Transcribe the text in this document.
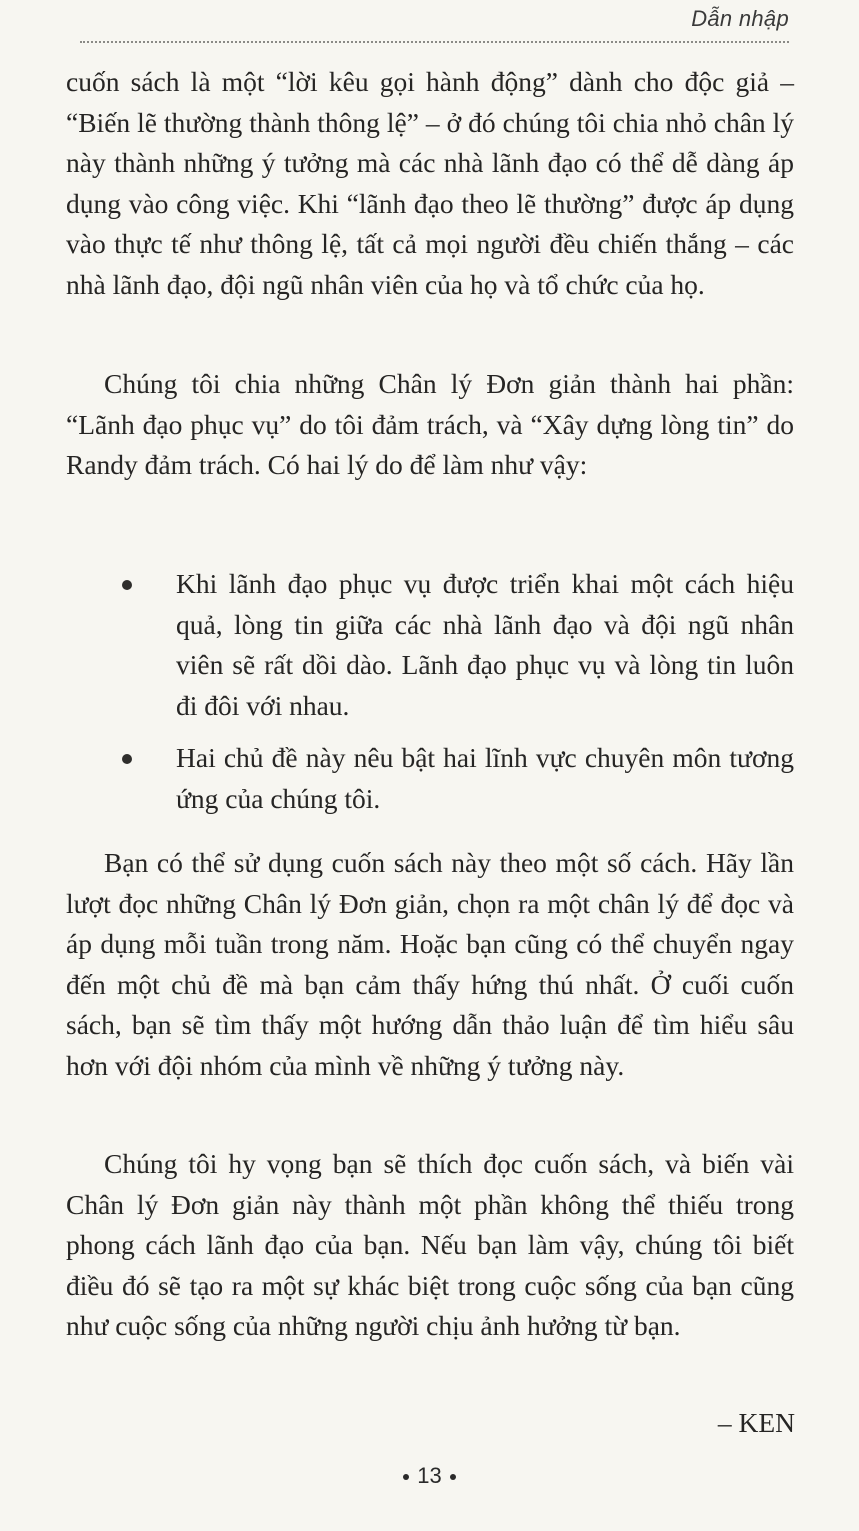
Dẫn nhập

cuốn sách là một “lời kêu gọi hành động” dành cho độc giả – “Biến lẽ thường thành thông lệ” – ở đó chúng tôi chia nhỏ chân lý này thành những ý tưởng mà các nhà lãnh đạo có thể dễ dàng áp dụng vào công việc. Khi “lãnh đạo theo lẽ thường” được áp dụng vào thực tế như thông lệ, tất cả mọi người đều chiến thắng – các nhà lãnh đạo, đội ngũ nhân viên của họ và tổ chức của họ.

Chúng tôi chia những Chân lý Đơn giản thành hai phần: “Lãnh đạo phục vụ” do tôi đảm trách, và “Xây dựng lòng tin” do Randy đảm trách. Có hai lý do để làm như vậy:

Khi lãnh đạo phục vụ được triển khai một cách hiệu quả, lòng tin giữa các nhà lãnh đạo và đội ngũ nhân viên sẽ rất dồi dào. Lãnh đạo phục vụ và lòng tin luôn đi đôi với nhau.
Hai chủ đề này nêu bật hai lĩnh vực chuyên môn tương ứng của chúng tôi.

Bạn có thể sử dụng cuốn sách này theo một số cách. Hãy lần lượt đọc những Chân lý Đơn giản, chọn ra một chân lý để đọc và áp dụng mỗi tuần trong năm. Hoặc bạn cũng có thể chuyển ngay đến một chủ đề mà bạn cảm thấy hứng thú nhất. Ở cuối cuốn sách, bạn sẽ tìm thấy một hướng dẫn thảo luận để tìm hiểu sâu hơn với đội nhóm của mình về những ý tưởng này.

Chúng tôi hy vọng bạn sẽ thích đọc cuốn sách, và biến vài Chân lý Đơn giản này thành một phần không thể thiếu trong phong cách lãnh đạo của bạn. Nếu bạn làm vậy, chúng tôi biết điều đó sẽ tạo ra một sự khác biệt trong cuộc sống của bạn cũng như cuộc sống của những người chịu ảnh hưởng từ bạn.

– KEN
13
